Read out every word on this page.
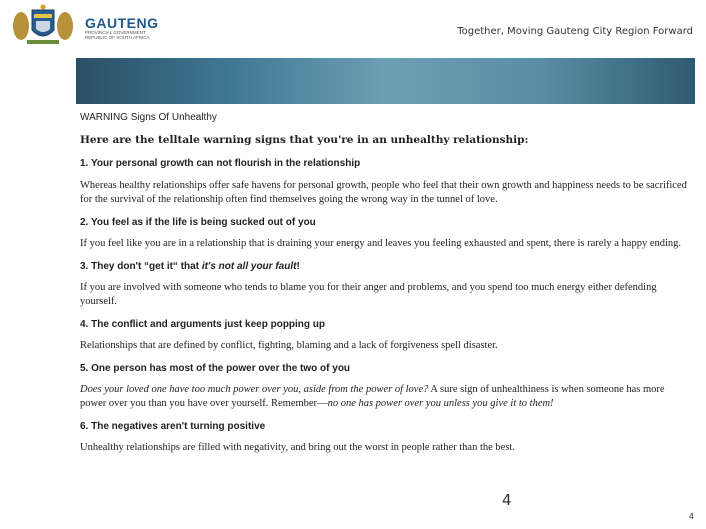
GAUTENG
PROVINCIAL GOVERNMENT
REPUBLIC OF SOUTH AFRICA
Together, Moving Gauteng City Region Forward

WARNING Signs Of Unhealthy

Here are the telltale warning signs that you're in an unhealthy relationship:

1. Your personal growth can not flourish in the relationship

Whereas healthy relationships offer safe havens for personal growth, people who feel that their own growth and happiness needs to be sacrificed for the survival of the relationship often find themselves going the wrong way in the tunnel of love.

2. You feel as if the life is being sucked out of you

If you feel like you are in a relationship that is draining your energy and leaves you feeling exhausted and spent, there is rarely a happy ending.

3. They don't “get it“ that it's not all your fault!

If you are involved with someone who tends to blame you for their anger and problems, and you spend too much energy either defending yourself.

4. The conflict and arguments just keep popping up

Relationships that are defined by conflict, fighting, blaming and a lack of forgiveness spell disaster.

5. One person has most of the power over the two of you

Does your loved one have too much power over you, aside from the power of love? A sure sign of unhealthiness is when someone has more power over you than you have over yourself. Remember—no one has power over you unless you give it to them!

6. The negatives aren't turning positive

Unhealthy relationships are filled with negativity, and bring out the worst in people rather than the best.

4
4
